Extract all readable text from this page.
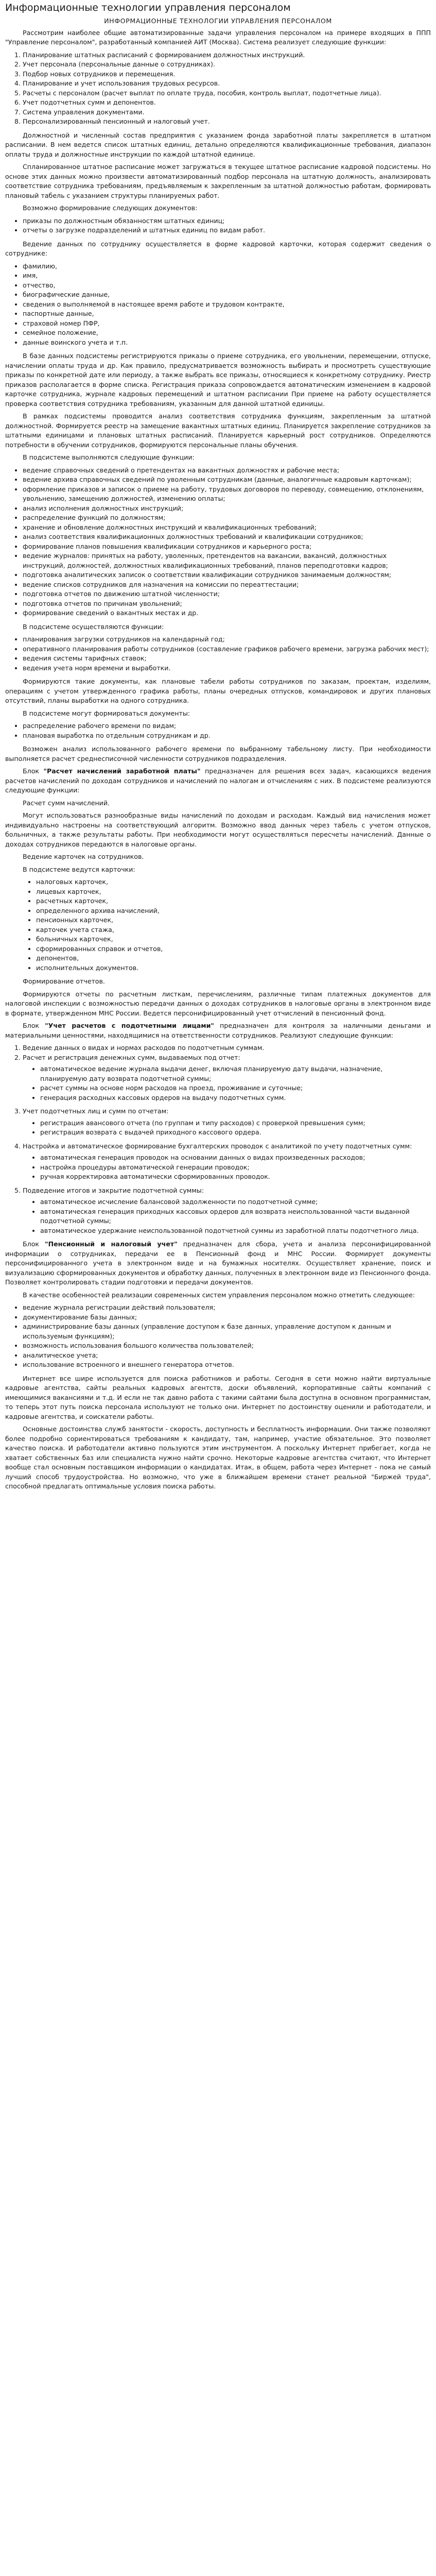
Информационные технологии управления персоналом
ИНФОРМАЦИОННЫЕ ТЕХНОЛОГИИ УПРАВЛЕНИЯ ПЕРСОНАЛОМ

Рассмотрим наиболее общие автоматизированные задачи управления персоналом на примере входящих в ППП "Управление персоналом", разработанный компанией АИТ (Москва). Система реализует следующие функции:

1. Планирование штатных расписаний с формированием должностных инструкций.
2. Учет персонала (персональные данные о сотрудниках).
3. Подбор новых сотрудников и перемещения.
4. Планирование и учет использования трудовых ресурсов.
5. Расчеты с персоналом (расчет выплат по оплате труда, пособия, контроль выплат, подотчетные лица).
6. Учет подотчетных сумм и депонентов.
7. Система управления документами.
8. Персонализированный пенсионный и налоговый учет.

Должностной и численный состав предприятия с указанием фонда заработной платы закрепляется в штатном расписании. В нем ведется список штатных единиц, детально определяются квалификационные требования, диапазон оплаты труда и должностные инструкции по каждой штатной единице.

Спланированное штатное расписание может загружаться в текущее штатное расписание кадровой подсистемы. Но основе этих данных можно произвести автоматизированный подбор персонала на штатную должность, анализировать соответствие сотрудника требованиям, предъявляемым к закрепленным за штатной должностью работам, формировать плановый табель с указанием структуры планируемых работ.

Возможно формирование следующих документов:

• приказы по должностным обязанностям штатных единиц;
• отчеты о загрузке подразделений и штатных единиц по видам работ.

Ведение данных по сотруднику осуществляется в форме кадровой карточки, которая содержит сведения о сотруднике:

• фамилию,
• имя,
• отчество,
• биографические данные,
• сведения о выполняемой в настоящее время работе и трудовом контракте,
• паспортные данные,
• страховой номер ПФР,
• семейное положение,
• данные воинского учета и т.п.

В базе данных подсистемы регистрируются приказы о приеме сотрудника, его увольнении, перемещении, отпуске, начислении оплаты труда и др. Как правило, предусматривается возможность выбирать и просмотреть существующие приказы по конкретной дате или периоду, а также выбрать все приказы, относящиеся к конкретному сотруднику. Риестр приказов располагается в форме списка. Регистрация приказа сопровождается автоматическим изменением в кадровой карточке сотрудника, журнале кадровых перемещений и штатном расписании При приеме на работу осуществляется проверка соответствия сотрудника требованиям, указанным для данной штатной единицы.

В рамках подсистемы проводится анализ соответствия сотрудника функциям, закрепленным за штатной должностной. Формируется реестр на замещение вакантных штатных единиц. Планируется закрепление сотрудников за штатными единицами и плановых штатных расписаний. Планируется карьерный рост сотрудников. Определяются потребности в обучении сотрудников, формируются персональные планы обучения.

В подсистеме выполняются следующие функции:

• ведение справочных сведений о претендентах на вакантных должностях и рабочие места;
• ведение архива справочных сведений по уволенным сотрудникам (данные, аналогичные кадровым карточкам);
• оформление приказов и записок о приеме на работу, трудовых договоров по переводу, совмещению, отклонениям, увольнению, замещению должностей, изменению оплаты;
• анализ исполнения должностных инструкций;
• распределение функций по должностям;
• хранение и обновление должностных инструкций и квалификационных требований;
• анализ соответствия квалификационных должностных требований и квалификации сотрудников;
• формирование планов повышения квалификации сотрудников и карьерного роста;
• ведение журналов: принятых на работу, уволенных, претендентов на вакансии, вакансий, должностных инструкций, должностей, должностных квалификационных требований, планов переподготовки кадров;
• подготовка аналитических записок о соответствии квалификации сотрудников занимаемым должностям;
• ведение списков сотрудников для назначения на комиссии по переаттестации;
• подготовка отчетов по движению штатной численности;
• подготовка отчетов по причинам увольнений;
• формирование сведений о вакантных местах и др.

В подсистеме осуществляются функции:

• планирования загрузки сотрудников на календарный год;
• оперативного планирования работы сотрудников (составление графиков рабочего времени, загрузка рабочих мест);
• ведения системы тарифных ставок;
• ведения учета норм времени и выработки.

Формируются такие документы, как плановые табели работы сотрудников по заказам, проектам, изделиям, операциям с учетом утвержденного графика работы, планы очередных отпусков, командировок и других плановых отсутствий, планы выработки на одного сотрудника.

В подсистеме могут формироваться документы:

• распределение рабочего времени по видам;
• плановая выработка по отдельным сотрудникам и др.

Возможен анализ использованного рабочего времени по выбранному табельному листу. При необходимости выполняется расчет среднесписочной численности сотрудников подразделения.

Блок "Расчет начислений заработной платы" предназначен для решения всех задач, касающихся ведения расчетов начислений по доходам сотрудников и начислений по налогам и отчислениям с них. В подсистеме реализуются следующие функции:

Расчет сумм начислений.

Могут использоваться разнообразные виды начислений по доходам и расходам. Каждый вид начисления может индивидуально настроены на соответствующий алгоритм. Возможно ввод данных через табель с учетом отпусков, больничных, а также результаты работы. При необходимости могут осуществляться пересчеты начислений. Данные о доходах сотрудников передаются в налоговые органы.

Ведение карточек на сотрудников.

В подсистеме ведутся карточки:

• налоговых карточек,
• лицевых карточек,
• расчетных карточек,
• определенного архива начислений,
• пенсионных карточек,
• карточек учета стажа,
• больничных карточек,
• сформированных справок и отчетов,
• депонентов,
• исполнительных документов.

Формирование отчетов.

Формируются отчеты по расчетным листкам, перечислениям, различные типам платежных документов для налоговой инспекции с возможностью передачи данных о доходах сотрудников в налоговые органы в электронном виде в формате, утвержденном МНС России. Ведется персонифицированный учет отчислений в пенсионный фонд.

Блок "Учет расчетов с подотчетными лицами" предназначен для контроля за наличными деньгами и материальными ценностями, находящимися на ответственности сотрудников. Реализуют следующие функции:

1. Ведение данных о видах и нормах расходов по подотчетным суммам.
2. Расчет и регистрация денежных сумм, выдаваемых под отчет:
• автоматическое ведение журнала выдачи денег, включая планируемую дату выдачи, назначение, планируемую дату возврата подотчетной суммы;
• расчет суммы на основе норм расходов на проезд, проживание и суточные;
• генерация расходных кассовых ордеров на выдачу подотчетных сумм.
3. Учет подотчетных лиц и сумм по отчетам:
• регистрация авансового отчета (по группам и типу расходов) с проверкой превышения сумм;
• регистрация возврата с выдачей приходного кассового ордера.
4. Настройка и автоматическое формирование бухгалтерских проводок с аналитикой по учету подотчетных сумм:
• автоматическая генерация проводок на основании данных о видах произведенных расходов;
• настройка процедуры автоматической генерации проводок;
• ручная корректировка автоматически сформированных проводок.
5. Подведение итогов и закрытие подотчетной суммы:
• автоматическое исчисление балансовой задолженности по подотчетной сумме;
• автоматическая генерация приходных кассовых ордеров для возврата неиспользованной части выданной подотчетной суммы;
• автоматическое удержание неиспользованной подотчетной суммы из заработной платы подотчетного лица.

Блок "Пенсионный и налоговый учет" предназначен для сбора, учета и анализа персонифицированной информации о сотрудниках, передачи ее в Пенсионный фонд и МНС России. Формирует документы персонифицированного учета в электронном виде и на бумажных носителях. Осуществляет хранение, поиск и визуализацию сформированных документов и обработку данных, полученных в электронном виде из Пенсионного фонда. Позволяет контролировать стадии подготовки и передачи документов.

В качестве особенностей реализации современных систем управления персоналом можно отметить следующее:

• ведение журнала регистрации действий пользователя;
• документирование базы данных;
• администрирование базы данных (управление доступом к базе данных, управление доступом к данным и используемым функциям);
• возможность использования большого количества пользователей;
• аналитическое учета;
• использование встроенного и внешнего генератора отчетов.

Интернет все шире используется для поиска работников и работы. Сегодня в сети можно найти виртуальные кадровые агентства, сайты реальных кадровых агентств, доски объявлений, корпоративные сайты компаний с имеющимися вакансиями и т.д. И если не так давно работа с такими сайтами была доступна в основном программистам, то теперь этот путь поиска персонала используют не только они. Интернет по достоинству оценили и работодатели, и кадровые агентства, и соискатели работы.

Основные достоинства служб занятости - скорость, доступность и бесплатность информации. Они также позволяют более подробно сориентироваться требованиям к кандидату, там, например, участие обязательное. Это позволяет качество поиска. И работодатели активно пользуются этим инструментом. А поскольку Интернет прибегает, когда не хватает собственных баз или специалиста нужно найти срочно. Некоторые кадровые агентства считают, что Интернет вообще стал основным поставщиком информации о кандидатах. Итак, в общем, работа через Интернет - пока не самый лучший способ трудоустройства. Но возможно, что уже в ближайшем времени станет реальной "Биржей труда", способной предлагать оптимальные условия поиска работы.
